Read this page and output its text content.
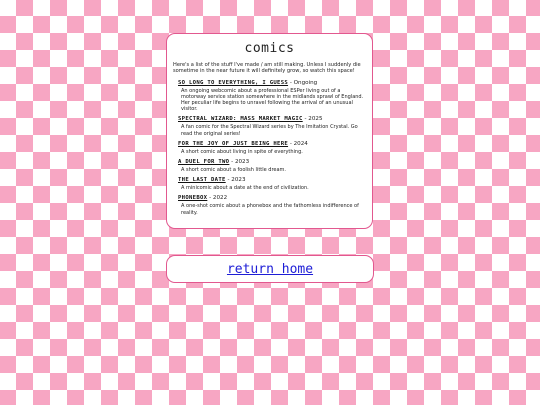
comics
Here's a list of the stuff I've made / am still making. Unless I suddenly die sometime in the near future it will definitely grow, so watch this space!
SO LONG TO EVERYTHING, I GUESS - Ongoing
An ongoing webcomic about a professional ESPer living out of a motorway service station somewhere in the midlands sprawl of England. Her peculiar life begins to unravel following the arrival of an unusual visitor.
SPECTRAL WIZARD: MASS MARKET MAGIC - 2025
A fan comic for the Spectral Wizard series by The Imitation Crystal. Go read the original series!
FOR THE JOY OF JUST BEING HERE - 2024
A short comic about living in spite of everything.
A DUEL FOR TWO - 2023
A short comic about a foolish little dream.
THE LAST DATE - 2023
A minicomic about a date at the end of civilization.
PHONEBOX - 2022
A one-shot comic about a phonebox and the fathomless indifference of reality.
return home
